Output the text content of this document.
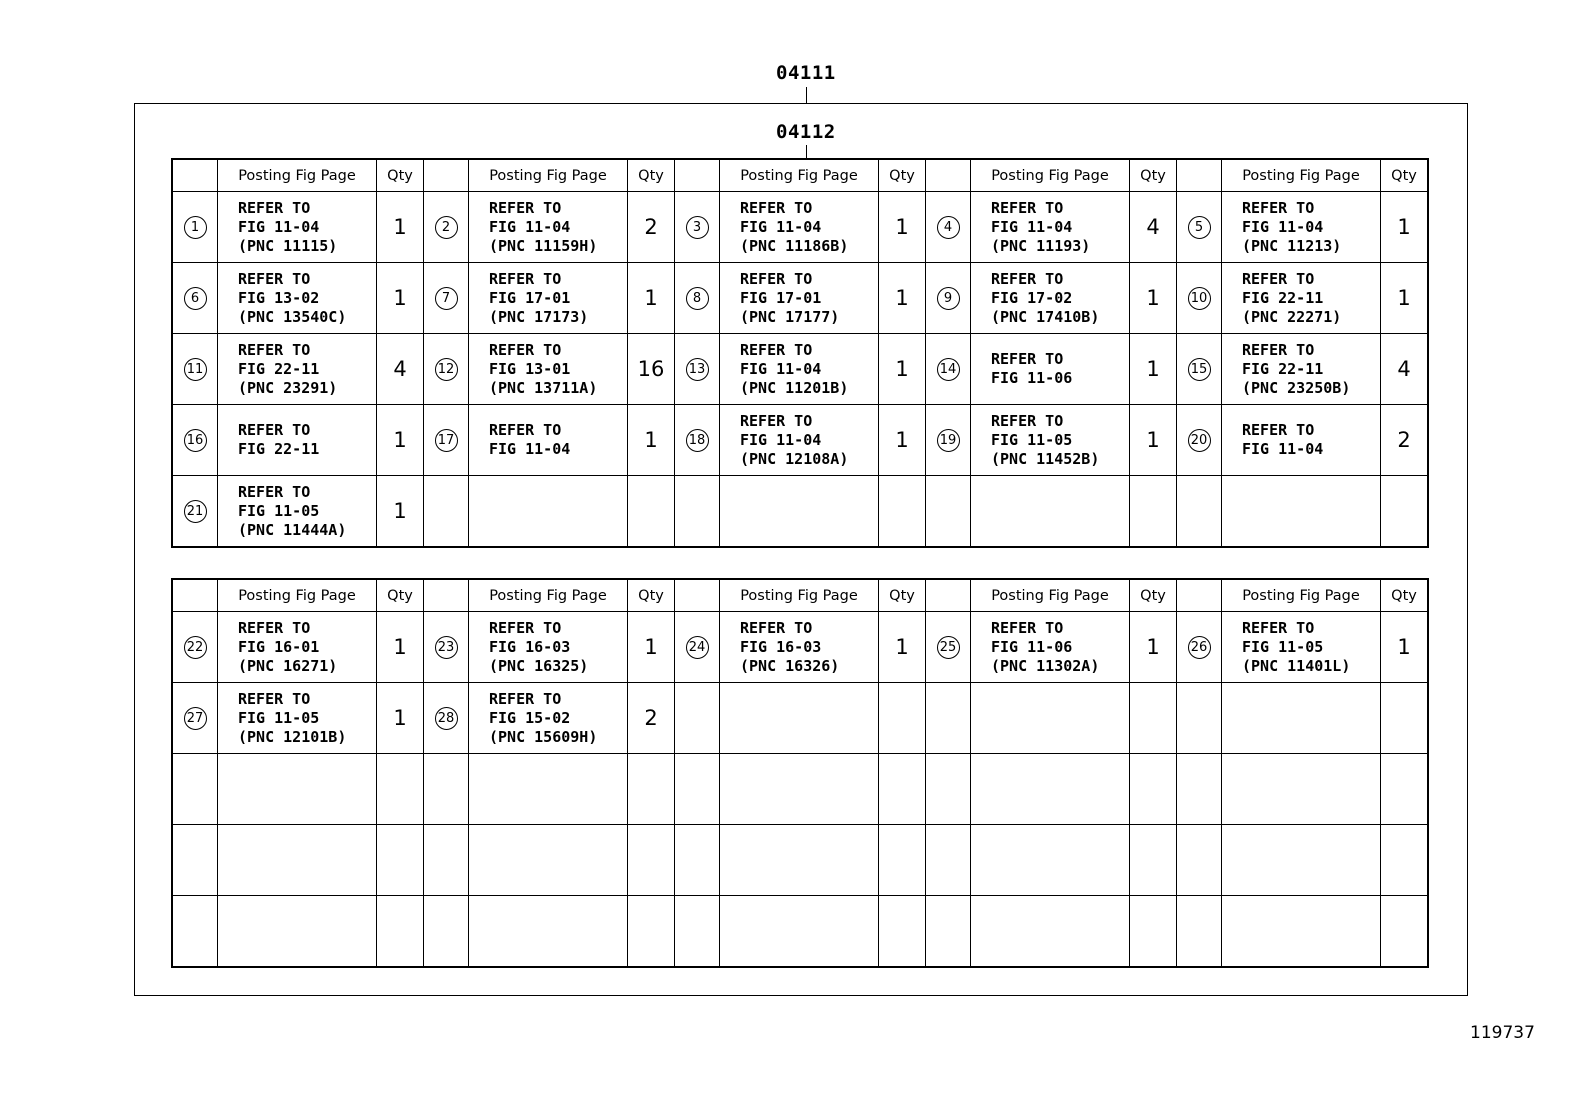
04111
04112
	Posting Fig Page	Qty		Posting Fig Page	Qty		Posting Fig Page	Qty		Posting Fig Page	Qty		Posting Fig Page	Qty
1	REFER TO
FIG 11-04
(PNC 11115)	1	2	REFER TO
FIG 11-04
(PNC 11159H)	2	3	REFER TO
FIG 11-04
(PNC 11186B)	1	4	REFER TO
FIG 11-04
(PNC 11193)	4	5	REFER TO
FIG 11-04
(PNC 11213)	1
6	REFER TO
FIG 13-02
(PNC 13540C)	1	7	REFER TO
FIG 17-01
(PNC 17173)	1	8	REFER TO
FIG 17-01
(PNC 17177)	1	9	REFER TO
FIG 17-02
(PNC 17410B)	1	10	REFER TO
FIG 22-11
(PNC 22271)	1
11	REFER TO
FIG 22-11
(PNC 23291)	4	12	REFER TO
FIG 13-01
(PNC 13711A)	16	13	REFER TO
FIG 11-04
(PNC 11201B)	1	14	REFER TO
FIG 11-06	1	15	REFER TO
FIG 22-11
(PNC 23250B)	4
16	REFER TO
FIG 22-11	1	17	REFER TO
FIG 11-04	1	18	REFER TO
FIG 11-04
(PNC 12108A)	1	19	REFER TO
FIG 11-05
(PNC 11452B)	1	20	REFER TO
FIG 11-04	2
21	REFER TO
FIG 11-05
(PNC 11444A)	1												
	Posting Fig Page	Qty		Posting Fig Page	Qty		Posting Fig Page	Qty		Posting Fig Page	Qty		Posting Fig Page	Qty
22	REFER TO
FIG 16-01
(PNC 16271)	1	23	REFER TO
FIG 16-03
(PNC 16325)	1	24	REFER TO
FIG 16-03
(PNC 16326)	1	25	REFER TO
FIG 11-06
(PNC 11302A)	1	26	REFER TO
FIG 11-05
(PNC 11401L)	1
27	REFER TO
FIG 11-05
(PNC 12101B)	1	28	REFER TO
FIG 15-02
(PNC 15609H)	2									

119737
